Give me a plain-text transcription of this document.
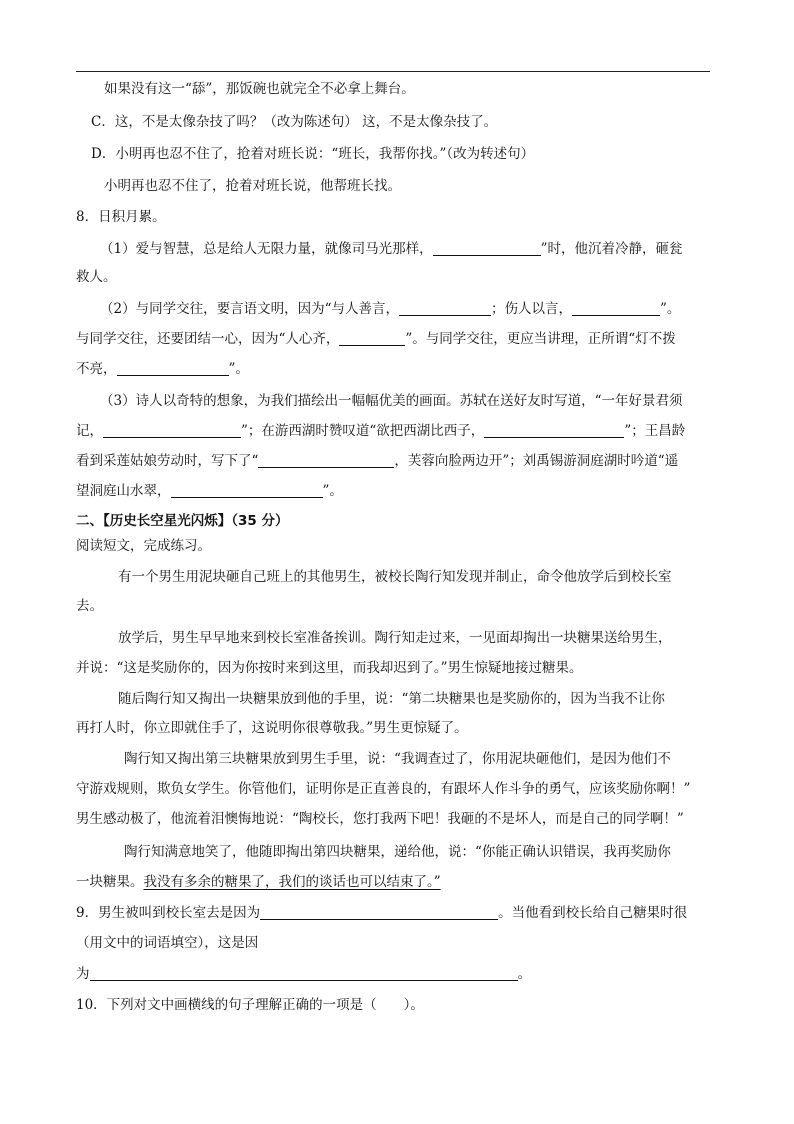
如果没有这一“舔”，那饭碗也就完全不必拿上舞台。
C．这，不是太像杂技了吗？（改为陈述句） 这，不是太像杂技了。
D．小明再也忍不住了，抢着对班长说：“班长，我帮你找。”（改为转述句）
小明再也忍不住了，抢着对班长说，他帮班长找。
8．日积月累。
（1）爱与智慧，总是给人无限力量，就像司马光那样，	”时，他沉着冷静，砸瓮
救人。
（2）与同学交往，要言语文明，因为“与人善言，	；伤人以言，	”。
与同学交往，还要团结一心，因为“人心齐，	”。与同学交往，更应当讲理，正所谓“灯不拨
不亮，	”。
（3）诗人以奇特的想象，为我们描绘出一幅幅优美的画面。苏轼在送好友时写道，“一年好景君须
记，	”；在游西湖时赞叹道“欲把西湖比西子，	”；王昌龄
看到采莲姑娘劳动时，写下了“	，芙蓉向脸两边开”；刘禹锡游洞庭湖时吟道“遥
望洞庭山水翠，	”。
二、【历史长空星光闪烁】（35 分）
阅读短文，完成练习。
有一个男生用泥块砸自己班上的其他男生，被校长陶行知发现并制止，命令他放学后到校长室
去。
放学后，男生早早地来到校长室准备挨训。陶行知走过来，一见面却掏出一块糖果送给男生，
并说：“这是奖励你的，因为你按时来到这里，而我却迟到了。”男生惊疑地接过糖果。
随后陶行知又掏出一块糖果放到他的手里，说：“第二块糖果也是奖励你的，因为当我不让你
再打人时，你立即就住手了，这说明你很尊敬我。”男生更惊疑了。
陶行知又掏出第三块糖果放到男生手里，说：“我调查过了，你用泥块砸他们，是因为他们不
守游戏规则，欺负女学生。你管他们，证明你是正直善良的，有跟坏人作斗争的勇气，应该奖励你啊！”
男生感动极了，他流着泪懊悔地说：“陶校长，您打我两下吧！我砸的不是坏人，而是自己的同学啊！”
陶行知满意地笑了，他随即掏出第四块糖果，递给他，说：“你能正确认识错误，我再奖励你
一块糖果。我没有多余的糖果了，我们的谈话也可以结束了。”
9．男生被叫到校长室去是因为	。当他看到校长给自己糖果时很
（用文中的词语填空），这是因
为	。
10．下列对文中画横线的句子理解正确的一项是（　　）。
